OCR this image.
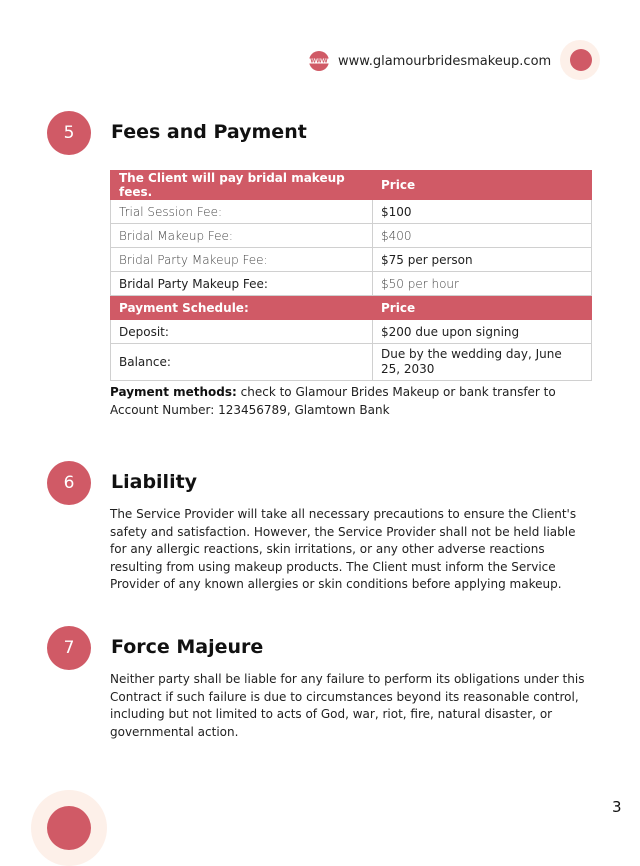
WWW www.glamourbridesmakeup.com
5	Fees and Payment
The Client will pay bridal makeup fees.	Price
Trial Session Fee:	$100
Bridal Makeup Fee:	$400
Bridal Party Makeup Fee:	$75 per person
Bridal Party Makeup Fee:	$50 per hour
Payment Schedule:	Price
Deposit:	$200 due upon signing
Balance:	Due by the wedding day, June 25, 2030

Payment methods: check to Glamour Brides Makeup or bank transfer to Account Number: 123456789, Glamtown Bank

6	Liability

The Service Provider will take all necessary precautions to ensure the Client's safety and satisfaction. However, the Service Provider shall not be held liable for any allergic reactions, skin irritations, or any other adverse reactions resulting from using makeup products. The Client must inform the Service Provider of any known allergies or skin conditions before applying makeup.

7	Force Majeure

Neither party shall be liable for any failure to perform its obligations under this Contract if such failure is due to circumstances beyond its reasonable control, including but not limited to acts of God, war, riot, fire, natural disaster, or governmental action.

3
